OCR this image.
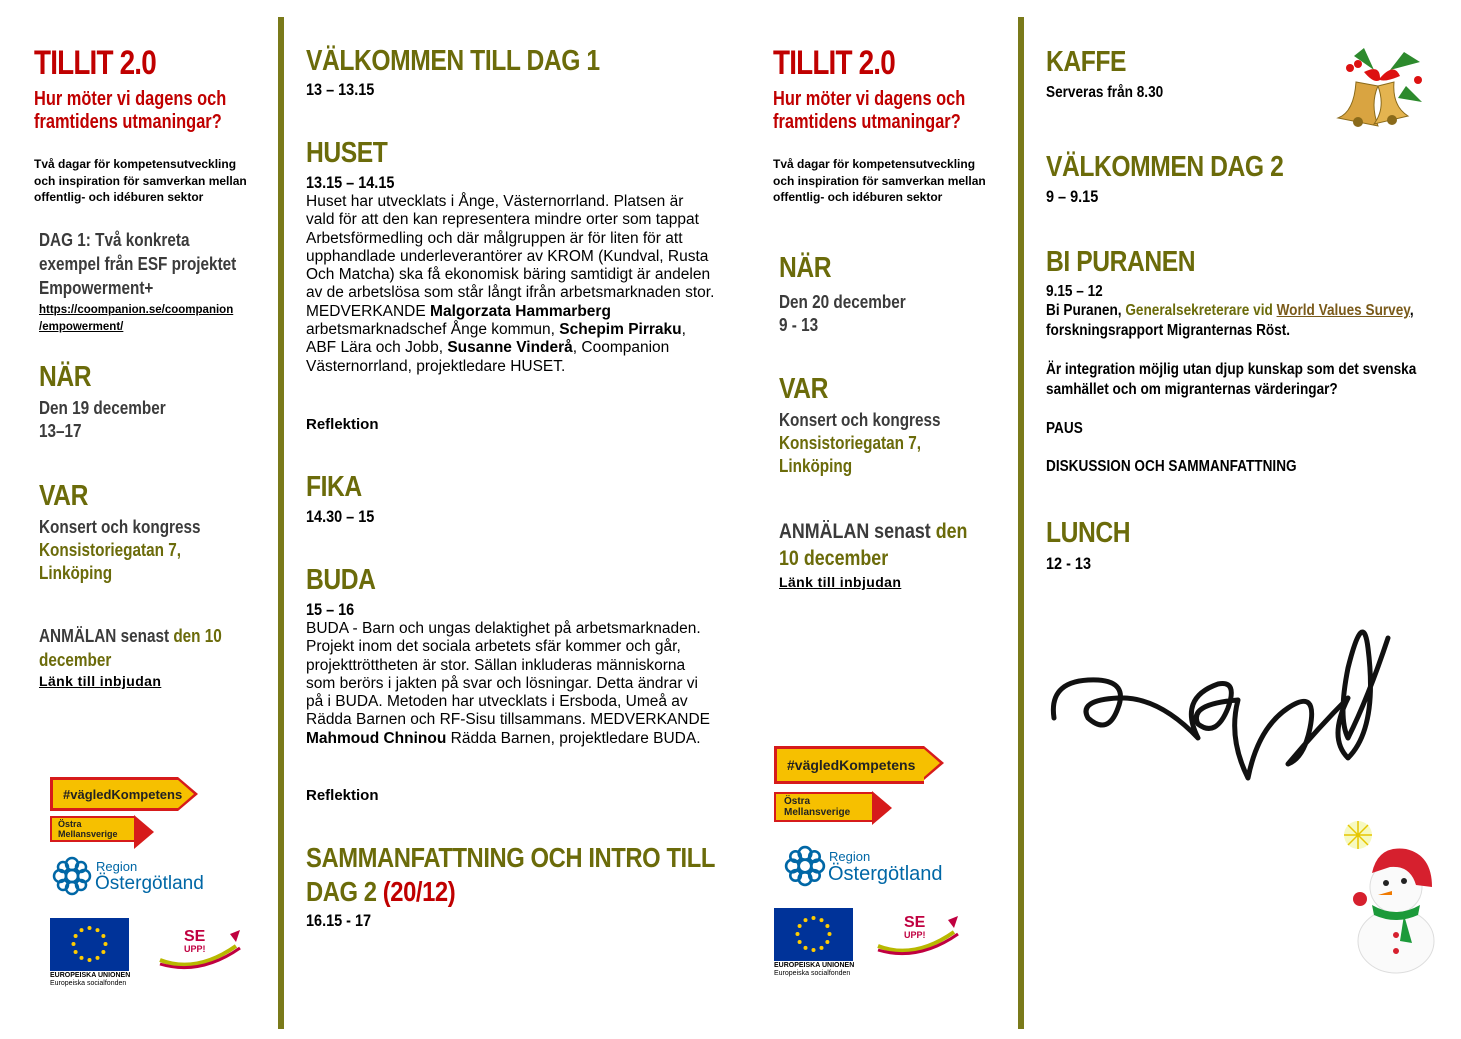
TILLIT 2.0
Hur möter vi dagens och
framtidens utmaningar?
Två dagar för kompetensutveckling
och inspiration för samverkan mellan
offentlig- och idéburen sektor
DAG 1: Två konkreta
exempel från ESF projektet
Empowerment+
https://coompanion.se/coompanion
/empowerment/
NÄR
Den 19 december
13–17
VAR
Konsert och kongress
Konsistoriegatan 7,
Linköping
ANMÄLAN senast den 10
december
Länk till inbjudan
#vägledKompetens
Östra Mellansverige
Region
Östergötland
EUROPEISKA UNIONEN
Europeiska socialfonden
SE
UPP!
VÄLKOMMEN TILL DAG 1
13 – 13.15
HUSET
13.15 – 14.15
Huset har utvecklats i Ånge, Västernorrland. Platsen är vald för att den kan representera mindre orter som tappat Arbetsförmedling och där målgruppen är för liten för att upphandlade underleverantörer av KROM (Kundval, Rusta Och Matcha) ska få ekonomisk bäring samtidigt är andelen av de arbetslösa som står långt ifrån arbetsmarknaden stor. MEDVERKANDE Malgorzata Hammarberg arbetsmarknadschef Ånge kommun, Schepim Pirraku, ABF Lära och Jobb, Susanne Vinderå, Coompanion Västernorrland, projektledare HUSET.
Reflektion
FIKA
14.30 – 15
BUDA
15 – 16
BUDA - Barn och ungas delaktighet på arbetsmarknaden. Projekt inom det sociala arbetets sfär kommer och går, projekttröttheten är stor. Sällan inkluderas människorna som berörs i jakten på svar och lösningar. Detta ändrar vi på i BUDA. Metoden har utvecklats i Ersboda, Umeå av Rädda Barnen och RF-Sisu tillsammans. MEDVERKANDE Mahmoud Chninou Rädda Barnen, projektledare BUDA.
Reflektion
SAMMANFATTNING OCH INTRO TILL
DAG 2 (20/12)
16.15 - 17
TILLIT 2.0
Hur möter vi dagens och
framtidens utmaningar?
Två dagar för kompetensutveckling
och inspiration för samverkan mellan
offentlig- och idéburen sektor
NÄR
Den 20 december
9 - 13
VAR
Konsert och kongress
Konsistoriegatan 7,
Linköping
ANMÄLAN senast den
10 december
Länk till inbjudan
#vägledKompetens
Östra Mellansverige
Region
Östergötland
EUROPEISKA UNIONEN
Europeiska socialfonden
SE
UPP!
KAFFE
Serveras från 8.30
VÄLKOMMEN DAG 2
9 – 9.15
BI PURANEN
9.15 – 12
Bi Puranen, Generalsekreterare vid World Values Survey,
forskningsrapport Migranternas Röst.
Är integration möjlig utan djup kunskap som det svenska
samhället och om migranternas värderingar?
PAUS
DISKUSSION OCH SAMMANFATTNING
LUNCH
12 - 13
